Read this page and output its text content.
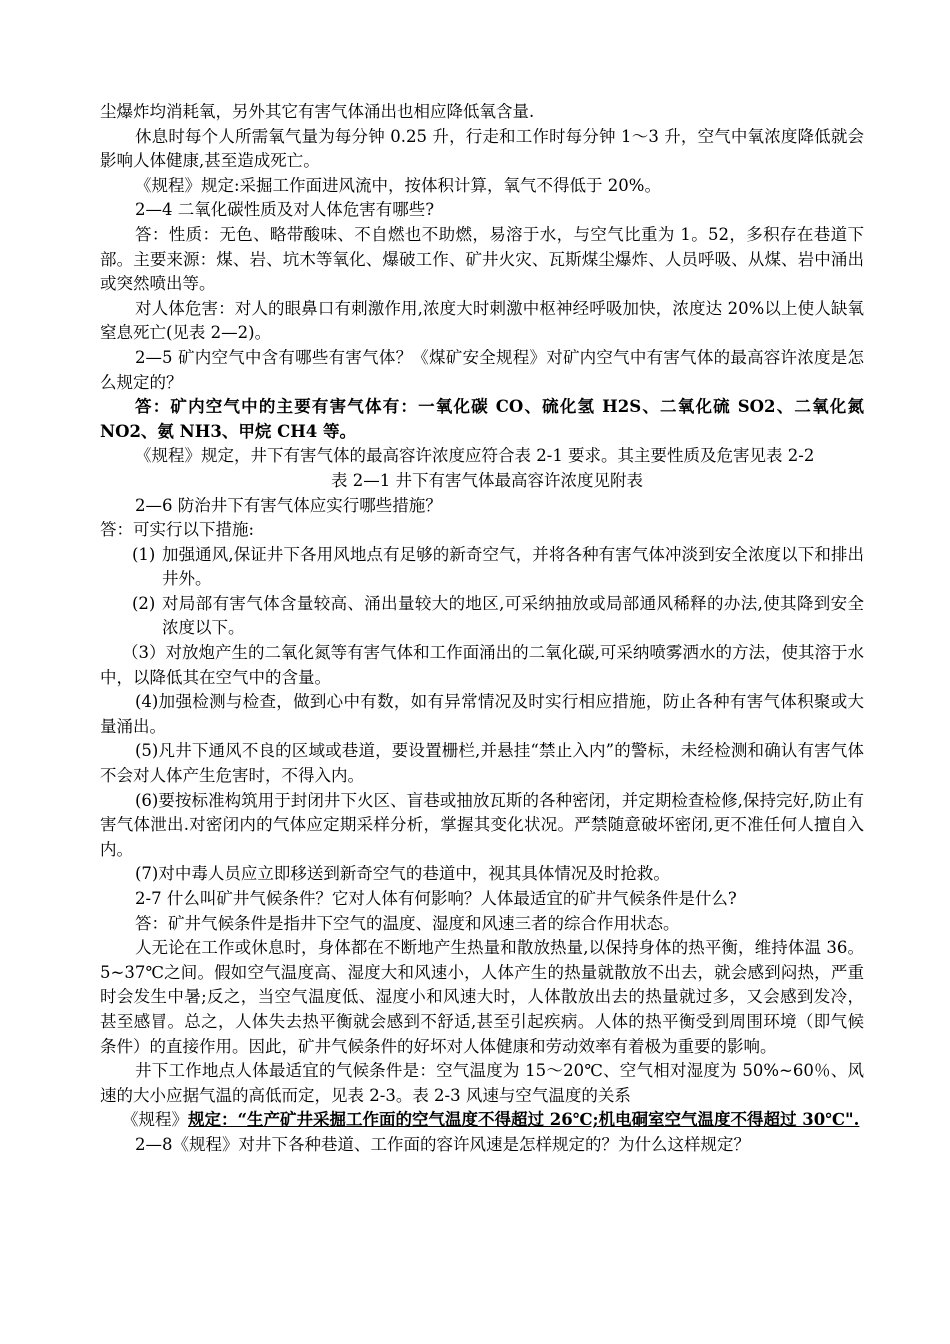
尘爆炸均消耗氧，另外其它有害气体涌出也相应降低氧含量.

休息时每个人所需氧气量为每分钟 0.25 升，行走和工作时每分钟 1～3 升，空气中氧浓度降低就会影响人体健康,甚至造成死亡。

《规程》规定:采掘工作面进风流中，按体积计算，氧气不得低于 20%。

2—4 二氧化碳性质及对人体危害有哪些?

答：性质：无色、略带酸味、不自燃也不助燃，易溶于水，与空气比重为 1。52，多积存在巷道下部。主要来源：煤、岩、坑木等氧化、爆破工作、矿井火灾、瓦斯煤尘爆炸、人员呼吸、从煤、岩中涌出或突然喷出等。

对人体危害：对人的眼鼻口有刺激作用,浓度大时刺激中枢神经呼吸加快，浓度达 20%以上使人缺氧窒息死亡(见表 2—2)。

2—5 矿内空气中含有哪些有害气体？《煤矿安全规程》对矿内空气中有害气体的最高容许浓度是怎么规定的？

答：矿内空气中的主要有害气体有：一氧化碳 CO、硫化氢 H2S、二氧化硫 SO2、二氧化氮 NO2、氨 NH3、甲烷 CH4 等。

《规程》规定，井下有害气体的最高容许浓度应符合表 2-1 要求。其主要性质及危害见表 2-2

表 2—1 井下有害气体最高容许浓度见附表

2—6 防治井下有害气体应实行哪些措施？

答：可实行以下措施:

(1) 加强通风,保证井下各用风地点有足够的新奇空气，并将各种有害气体冲淡到安全浓度以下和排出井外。
(2) 对局部有害气体含量较高、涌出量较大的地区,可采纳抽放或局部通风稀释的办法,使其降到安全浓度以下。

（3）对放炮产生的二氧化氮等有害气体和工作面涌出的二氧化碳,可采纳喷雾洒水的方法，使其溶于水中，以降低其在空气中的含量。

(4)加强检测与检查，做到心中有数，如有异常情况及时实行相应措施，防止各种有害气体积聚或大量涌出。

(5)凡井下通风不良的区域或巷道，要设置栅栏,并悬挂“禁止入内”的警标，未经检测和确认有害气体不会对人体产生危害时，不得入内。

(6)要按标准构筑用于封闭井下火区、盲巷或抽放瓦斯的各种密闭，并定期检查检修,保持完好,防止有害气体泄出.对密闭内的气体应定期采样分析，掌握其变化状况。严禁随意破坏密闭,更不准任何人擅自入内。

(7)对中毒人员应立即移送到新奇空气的巷道中，视其具体情况及时抢救。

2-7 什么叫矿井气候条件？它对人体有何影响？人体最适宜的矿井气候条件是什么?

答：矿井气候条件是指井下空气的温度、湿度和风速三者的综合作用状态。

人无论在工作或休息时，身体都在不断地产生热量和散放热量,以保持身体的热平衡，维持体温 36。5~37℃之间。假如空气温度高、湿度大和风速小，人体产生的热量就散放不出去，就会感到闷热，严重时会发生中暑;反之，当空气温度低、湿度小和风速大时，人体散放出去的热量就过多，又会感到发冷，甚至感冒。总之，人体失去热平衡就会感到不舒适,甚至引起疾病。人体的热平衡受到周围环境（即气候条件）的直接作用。因此，矿井气候条件的好坏对人体健康和劳动效率有着极为重要的影响。

井下工作地点人体最适宜的气候条件是：空气温度为 15～20℃、空气相对湿度为 50%~60％、风速的大小应据气温的高低而定，见表 2-3。表 2-3 风速与空气温度的关系

《规程》规定：“生产矿井采掘工作面的空气温度不得超过 26℃;机电硐室空气温度不得超过 30℃".

2—8《规程》对井下各种巷道、工作面的容许风速是怎样规定的？为什么这样规定？
